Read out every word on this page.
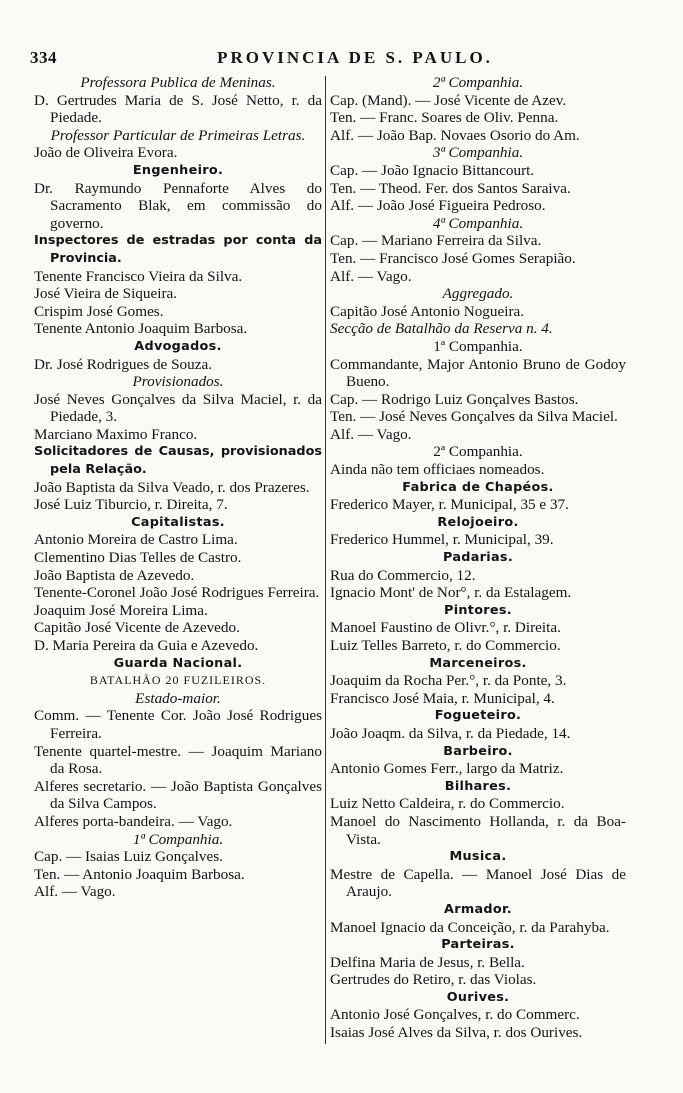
334	PROVINCIA DE S. PAULO.
Professora Publica de Meninas.
D. Gertrudes Maria de S. José Netto, r. da Piedade.
Professor Particular de Primeiras Letras.
João de Oliveira Evora.
Engenheiro.
Dr. Raymundo Pennaforte Alves do Sacramento Blak, em commissão do governo.
Inspectores de estradas por conta da Provincia.
Tenente Francisco Vieira da Silva.
José Vieira de Siqueira.
Crispim José Gomes.
Tenente Antonio Joaquim Barbosa.
Advogados.
Dr. José Rodrigues de Souza.
Provisionados.
José Neves Gonçalves da Silva Maciel, r. da Piedade, 3.
Marciano Maximo Franco.
Solicitadores de Causas, provisionados pela Relação.
João Baptista da Silva Veado, r. dos Prazeres.
José Luiz Tiburcio, r. Direita, 7.
Capitalistas.
Antonio Moreira de Castro Lima.
Clementino Dias Telles de Castro.
João Baptista de Azevedo.
Tenente-Coronel João José Rodrigues Ferreira.
Joaquim José Moreira Lima.
Capitão José Vicente de Azevedo.
D. Maria Pereira da Guia e Azevedo.
Guarda Nacional.
BATALHÃO 20 FUZILEIROS.
Estado-maior.
Comm. — Tenente Cor. João José Rodrigues Ferreira.
Tenente quartel-mestre. — Joaquim Mariano da Rosa.
Alferes secretario. — João Baptista Gonçalves da Silva Campos.
Alferes porta-bandeira. — Vago.
1ª Companhia.
Cap. — Isaias Luiz Gonçalves.
Ten. — Antonio Joaquim Barbosa.
Alf. — Vago.
2ª Companhia.
Cap. (Mand). — José Vicente de Azev.
Ten. — Franc. Soares de Oliv. Penna.
Alf. — João Bap. Novaes Osorio do Am.
3ª Companhia.
Cap. — João Ignacio Bittancourt.
Ten. — Theod. Fer. dos Santos Saraiva.
Alf. — João José Figueira Pedroso.
4ª Companhia.
Cap. — Mariano Ferreira da Silva.
Ten. — Francisco José Gomes Serapião.
Alf. — Vago.
Aggregado.
Capitão José Antonio Nogueira.
Secção de Batalhão da Reserva n. 4.
1ª Companhia.
Commandante, Major Antonio Bruno de Godoy Bueno.
Cap. — Rodrigo Luiz Gonçalves Bastos.
Ten. — José Neves Gonçalves da Silva Maciel.
Alf. — Vago.
2ª Companhia.
Ainda não tem officiaes nomeados.
Fabrica de Chapéos.
Frederico Mayer, r. Municipal, 35 e 37.
Relojoeiro.
Frederico Hummel, r. Municipal, 39.
Padarias.
Rua do Commercio, 12.
Ignacio Mont' de Nor°, r. da Estalagem.
Pintores.
Manoel Faustino de Olivr.°, r. Direita.
Luiz Telles Barreto, r. do Commercio.
Marceneiros.
Joaquim da Rocha Per.°, r. da Ponte, 3.
Francisco José Maia, r. Municipal, 4.
Fogueteiro.
João Joaqm. da Silva, r. da Piedade, 14.
Barbeiro.
Antonio Gomes Ferr., largo da Matriz.
Bilhares.
Luiz Netto Caldeira, r. do Commercio.
Manoel do Nascimento Hollanda, r. da Boa-Vista.
Musica.
Mestre de Capella. — Manoel José Dias de Araujo.
Armador.
Manoel Ignacio da Conceição, r. da Parahyba.
Parteiras.
Delfina Maria de Jesus, r. Bella.
Gertrudes do Retiro, r. das Violas.
Ourives.
Antonio José Gonçalves, r. do Commerc.
Isaias José Alves da Silva, r. dos Ourives.
